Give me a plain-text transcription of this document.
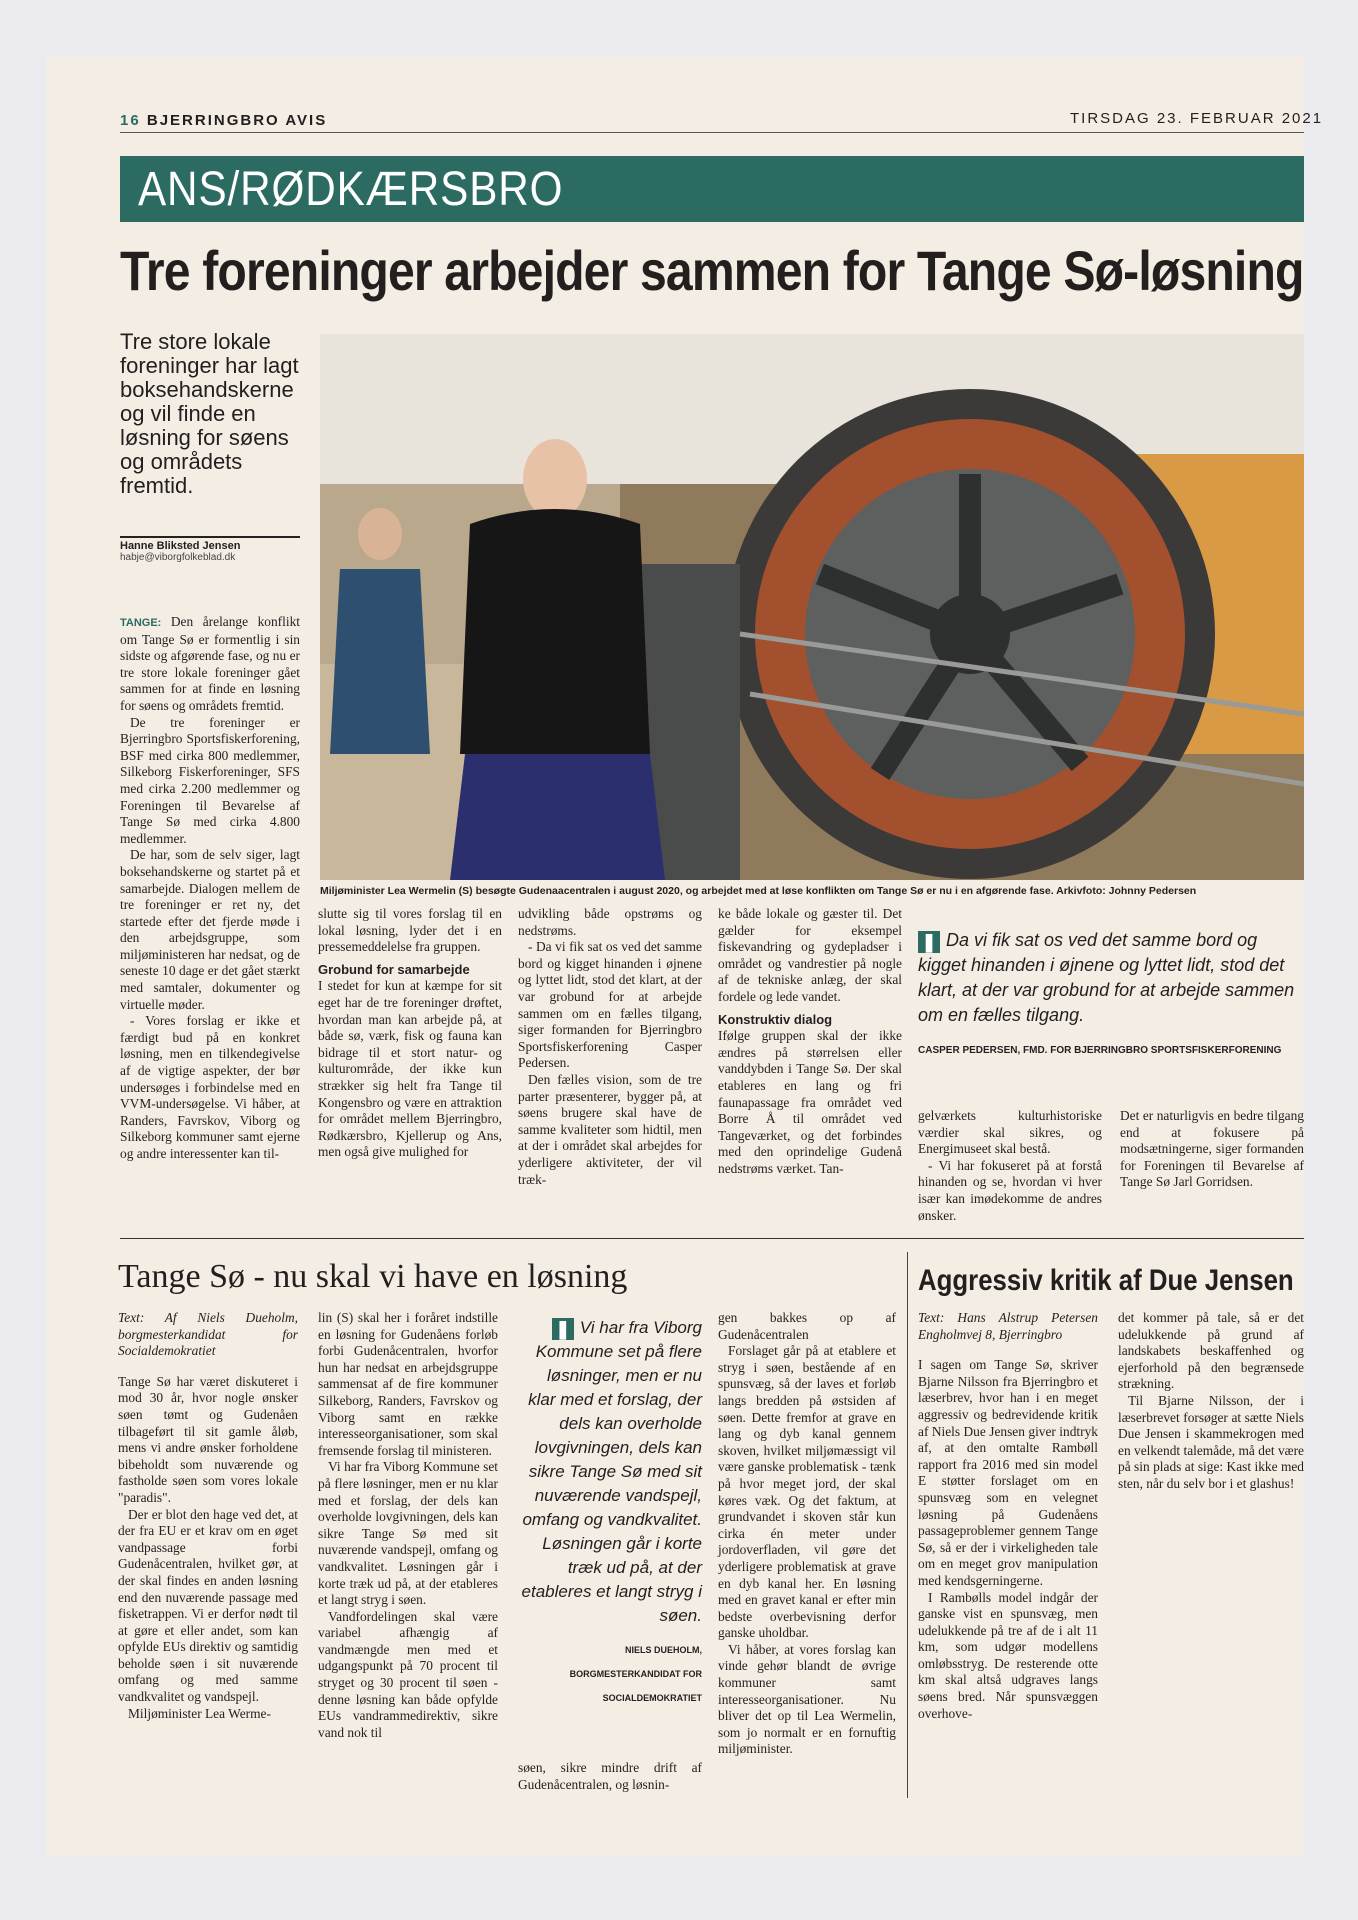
16 BJERRINGBRO AVIS	TIRSDAG 23. FEBRUAR 2021
ANS/RØDKÆRSBRO
Tre foreninger arbejder sammen for Tange Sø-løsning
Tre store lokale foreninger har lagt boksehandskerne og vil finde en løsning for søens og områdets fremtid.
Hanne Bliksted Jensen
habje@viborgfolkeblad.dk
Miljøminister Lea Wermelin (S) besøgte Gudenaacentralen i august 2020, og arbejdet med at løse konflikten om Tange Sø er nu i en afgørende fase. Arkivfoto: Johnny Pedersen

TANGE: Den årelange konflikt om Tange Sø er formentlig i sin sidste og afgørende fase, og nu er tre store lokale foreninger gået sammen for at finde en løsning for søens og områdets fremtid.

De tre foreninger er Bjerringbro Sportsfiskerforening, BSF med cirka 800 medlemmer, Silkeborg Fiskerforeninger, SFS med cirka 2.200 medlemmer og Foreningen til Bevarelse af Tange Sø med cirka 4.800 medlemmer.

De har, som de selv siger, lagt boksehandskerne og startet på et samarbejde. Dialogen mellem de tre foreninger er ret ny, det startede efter det fjerde møde i den arbejdsgruppe, som miljøministeren har nedsat, og de seneste 10 dage er det gået stærkt med samtaler, dokumenter og virtuelle møder.

- Vores forslag er ikke et færdigt bud på en konkret løsning, men en tilkendegivelse af de vigtige aspekter, der bør undersøges i forbindelse med en VVM-undersøgelse. Vi håber, at Randers, Favrskov, Viborg og Silkeborg kommuner samt ejerne og andre interessenter kan til-

slutte sig til vores forslag til en lokal løsning, lyder det i en pressemeddelelse fra gruppen.

Grobund for samarbejde

I stedet for kun at kæmpe for sit eget har de tre foreninger drøftet, hvordan man kan arbejde på, at både sø, værk, fisk og fauna kan bidrage til et stort natur- og kulturområde, der ikke kun strækker sig helt fra Tange til Kongensbro og være en attraktion for området mellem Bjerringbro, Rødkærsbro, Kjellerup og Ans, men også give mulighed for

udvikling både opstrøms og nedstrøms.

- Da vi fik sat os ved det samme bord og kigget hinanden i øjnene og lyttet lidt, stod det klart, at der var grobund for at arbejde sammen om en fælles tilgang, siger formanden for Bjerringbro Sportsfiskerforening Casper Pedersen.

Den fælles vision, som de tre parter præsenterer, bygger på, at søens brugere skal have de samme kvaliteter som hidtil, men at der i området skal arbejdes for yderligere aktiviteter, der vil træk-

ke både lokale og gæster til. Det gælder for eksempel fiskevandring og gydepladser i området og vandrestier på nogle af de tekniske anlæg, der skal fordele og lede vandet.

Konstruktiv dialog

Ifølge gruppen skal der ikke ændres på størrelsen eller vanddybden i Tange Sø. Der skal etableres en lang og fri faunapassage fra området ved Borre Å til området ved Tangeværket, og det forbindes med den oprindelige Gudenå nedstrøms værket. Tan-

❚ Da vi fik sat os ved det samme bord og kigget hinanden i øjnene og lyttet lidt, stod det klart, at der var grobund for at arbejde sammen om en fælles tilgang.
CASPER PEDERSEN, FMD. FOR BJERRINGBRO SPORTSFISKERFORENING

gelværkets kulturhistoriske værdier skal sikres, og Energimuseet skal bestå.

- Vi har fokuseret på at forstå hinanden og se, hvordan vi hver især kan imødekomme de andres ønsker.

Det er naturligvis en bedre tilgang end at fokusere på modsætningerne, siger formanden for Foreningen til Bevarelse af Tange Sø Jarl Gorridsen.

Tange Sø - nu skal vi have en løsning

Text: Af Niels Dueholm, borgmesterkandidat for Socialdemokratiet

Tange Sø har været diskuteret i mod 30 år, hvor nogle ønsker søen tømt og Gudenåen tilbageført til sit gamle åløb, mens vi andre ønsker forholdene bibeholdt som nuværende og fastholde søen som vores lokale "paradis".

Der er blot den hage ved det, at der fra EU er et krav om en øget vandpassage forbi Gudenåcentralen, hvilket gør, at der skal findes en anden løsning end den nuværende passage med fisketrappen. Vi er derfor nødt til at gøre et eller andet, som kan opfylde EUs direktiv og samtidig beholde søen i sit nuværende omfang og med samme vandkvalitet og vandspejl.

Miljøminister Lea Werme-

lin (S) skal her i foråret indstille en løsning for Gudenåens forløb forbi Gudenåcentralen, hvorfor hun har nedsat en arbejdsgruppe sammensat af de fire kommuner Silkeborg, Randers, Favrskov og Viborg samt en række interesseorganisationer, som skal fremsende forslag til ministeren.

Vi har fra Viborg Kommune set på flere løsninger, men er nu klar med et forslag, der dels kan overholde lovgivningen, dels kan sikre Tange Sø med sit nuværende vandspejl, omfang og vandkvalitet. Løsningen går i korte træk ud på, at der etableres et langt stryg i søen.

Vandfordelingen skal være variabel afhængig af vandmængde men med et udgangspunkt på 70 procent til stryget og 30 procent til søen - denne løsning kan både opfylde EUs vandrammedirektiv, sikre vand nok til

❚ Vi har fra Viborg Kommune set på flere løsninger, men er nu klar med et forslag, der dels kan overholde lovgivningen, dels kan sikre Tange Sø med sit nuværende vandspejl, omfang og vandkvalitet. Løsningen går i korte træk ud på, at der etableres et langt stryg i søen.
NIELS DUEHOLM, BORGMESTERKANDIDAT FOR SOCIALDEMOKRATIET

søen, sikre mindre drift af Gudenåcentralen, og løsnin-

gen bakkes op af Gudenåcentralen

Forslaget går på at etablere et stryg i søen, bestående af en spunsvæg, så der laves et forløb langs bredden på østsiden af søen. Dette fremfor at grave en lang og dyb kanal gennem skoven, hvilket miljømæssigt vil være ganske problematisk - tænk på hvor meget jord, der skal køres væk. Og det faktum, at grundvandet i skoven står kun cirka én meter under jordoverfladen, vil gøre det yderligere problematisk at grave en dyb kanal her. En løsning med en gravet kanal er efter min bedste overbevisning derfor ganske uholdbar.

Vi håber, at vores forslag kan vinde gehør blandt de øvrige kommuner samt interesseorganisationer. Nu bliver det op til Lea Wermelin, som jo normalt er en fornuftig miljøminister.

Aggressiv kritik af Due Jensen

Text: Hans Alstrup Petersen Engholmvej 8, Bjerringbro

I sagen om Tange Sø, skriver Bjarne Nilsson fra Bjerringbro et læserbrev, hvor han i en meget aggressiv og bedrevidende kritik af Niels Due Jensen giver indtryk af, at den omtalte Rambøll rapport fra 2016 med sin model E støtter forslaget om en spunsvæg som en velegnet løsning på Gudenåens passageproblemer gennem Tange Sø, så er der i virkeligheden tale om en meget grov manipulation med kendsgerningerne.

I Rambølls model indgår der ganske vist en spunsvæg, men udelukkende på tre af de i alt 11 km, som udgør modellens omløbsstryg. De resterende otte km skal altså udgraves langs søens bred. Når spunsvæggen overhove-

det kommer på tale, så er det udelukkende på grund af landskabets beskaffenhed og ejerforhold på den begrænsede strækning.

Til Bjarne Nilsson, der i læserbrevet forsøger at sætte Niels Due Jensen i skammekrogen med en velkendt talemåde, må det være på sin plads at sige: Kast ikke med sten, når du selv bor i et glashus!
